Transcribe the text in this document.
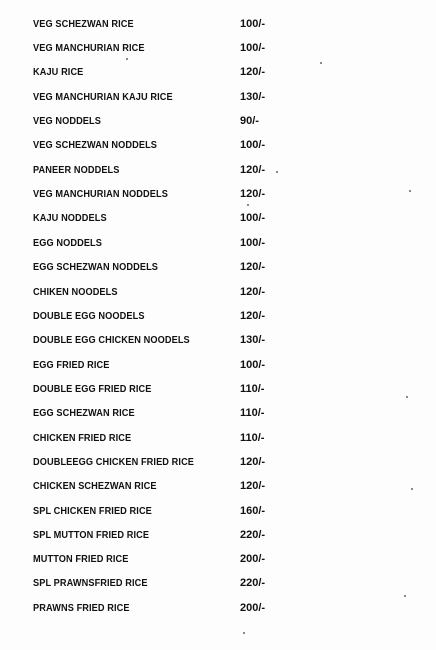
VEG SCHEZWAN RICE	100/-
VEG MANCHURIAN RICE	100/-
KAJU RICE	120/-
VEG MANCHURIAN KAJU RICE	130/-
VEG NODDELS	90/-
VEG SCHEZWAN NODDELS	100/-
PANEER NODDELS	120/-
VEG MANCHURIAN NODDELS	120/-
KAJU NODDELS	100/-
EGG NODDELS	100/-
EGG SCHEZWAN NODDELS	120/-
CHIKEN NOODELS	120/-
DOUBLE EGG NOODELS	120/-
DOUBLE EGG CHICKEN NOODELS	130/-
EGG FRIED RICE	100/-
DOUBLE EGG FRIED RICE	110/-
EGG SCHEZWAN RICE	110/-
CHICKEN FRIED RICE	110/-
DOUBLEEGG CHICKEN FRIED RICE	120/-
CHICKEN SCHEZWAN RICE	120/-
SPL CHICKEN FRIED RICE	160/-
SPL MUTTON FRIED RICE	220/-
MUTTON FRIED RICE	200/-
SPL PRAWNSFRIED RICE	220/-
PRAWNS FRIED RICE	200/-
